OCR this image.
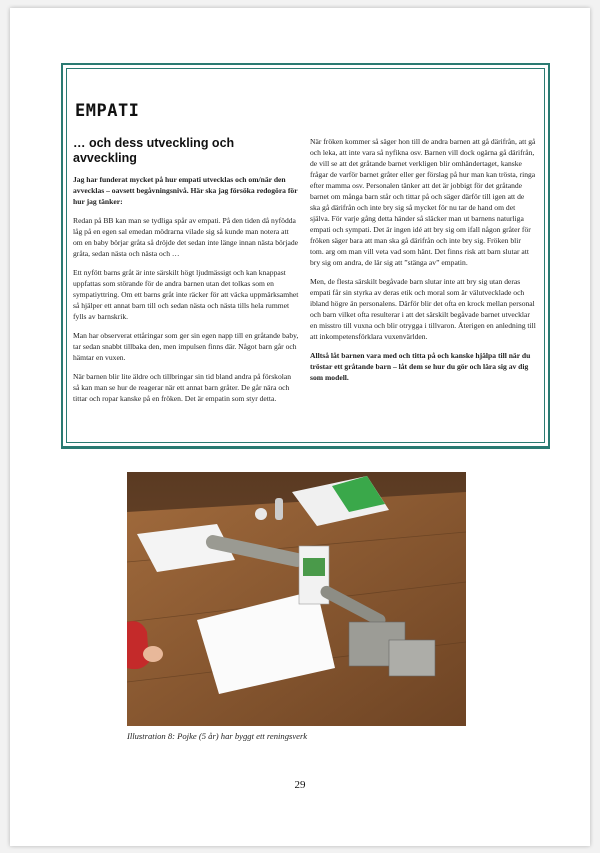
EMPATI
… och dess utveckling och avveckling

Jag har funderat mycket på hur empati utvecklas och om/när den avvecklas – oavsett begåvningsnivå. Här ska jag försöka redogöra för hur jag tänker:

Redan på BB kan man se tydliga spår av empati. På den tiden då nyfödda låg på en egen sal emedan mödrarna vilade sig så kunde man notera att om en baby börjar gråta så dröjde det sedan inte länge innan nästa började gråta, sedan nästa och nästa och …

Ett nyfött barns gråt är inte särskilt högt ljudmässigt och kan knappast uppfattas som störande för de andra barnen utan det tolkas som en sympatiyttring. Om ett barns gråt inte räcker för att väcka uppmärksamhet så hjälper ett annat barn till och sedan nästa och nästa tills hela rummet fylls av barnskrik.

Man har observerat ettåringar som ger sin egen napp till en gråtande baby, tar sedan snabbt tillbaka den, men impulsen finns där. Något barn går och hämtar en vuxen.

När barnen blir lite äldre och tillbringar sin tid bland andra på förskolan så kan man se hur de reagerar när ett annat barn gråter. De går nära och tittar och ropar kanske på en fröken. Det är empatin som styr detta.

När fröken kommer så säger hon till de andra barnen att gå därifrån, att gå och leka, att inte vara så nyfikna osv. Barnen vill dock ogärna gå därifrån, de vill se att det gråtande barnet verkligen blir omhändertaget, kanske frågar de varför barnet gråter eller ger förslag på hur man kan trösta, ringa efter mamma osv. Personalen tänker att det är jobbigt för det gråtande barnet om många barn står och tittar på och säger därför till igen att de ska gå därifrån och inte bry sig så mycket för nu tar de hand om det själva. För varje gång detta händer så släcker man ut barnens naturliga empati och sympati. Det är ingen idé att bry sig om ifall någon gråter för fröken säger bara att man ska gå därifrån och inte bry sig. Fröken blir tom. arg om man vill veta vad som hänt. Det finns risk att barn slutar att bry sig om andra, de lär sig att ”stänga av” empatin.

Men, de flesta särskilt begåvade barn slutar inte att bry sig utan deras empati får sin styrka av deras etik och moral som är välutvecklade och ibland högre än personalens. Därför blir det ofta en krock mellan personal och barn vilket ofta resulterar i att det särskilt begåvade barnet utvecklar en misstro till vuxna och blir otrygga i tillvaron. Återigen en anledning till att inkompetensförklara vuxenvärlden.

Alltså låt barnen vara med och titta på och kanske hjälpa till när du tröstar ett gråtande barn – låt dem se hur du gör och lära sig av dig som modell.

Illustration 8: Pojke (5 år) har byggt ett reningsverk
29
